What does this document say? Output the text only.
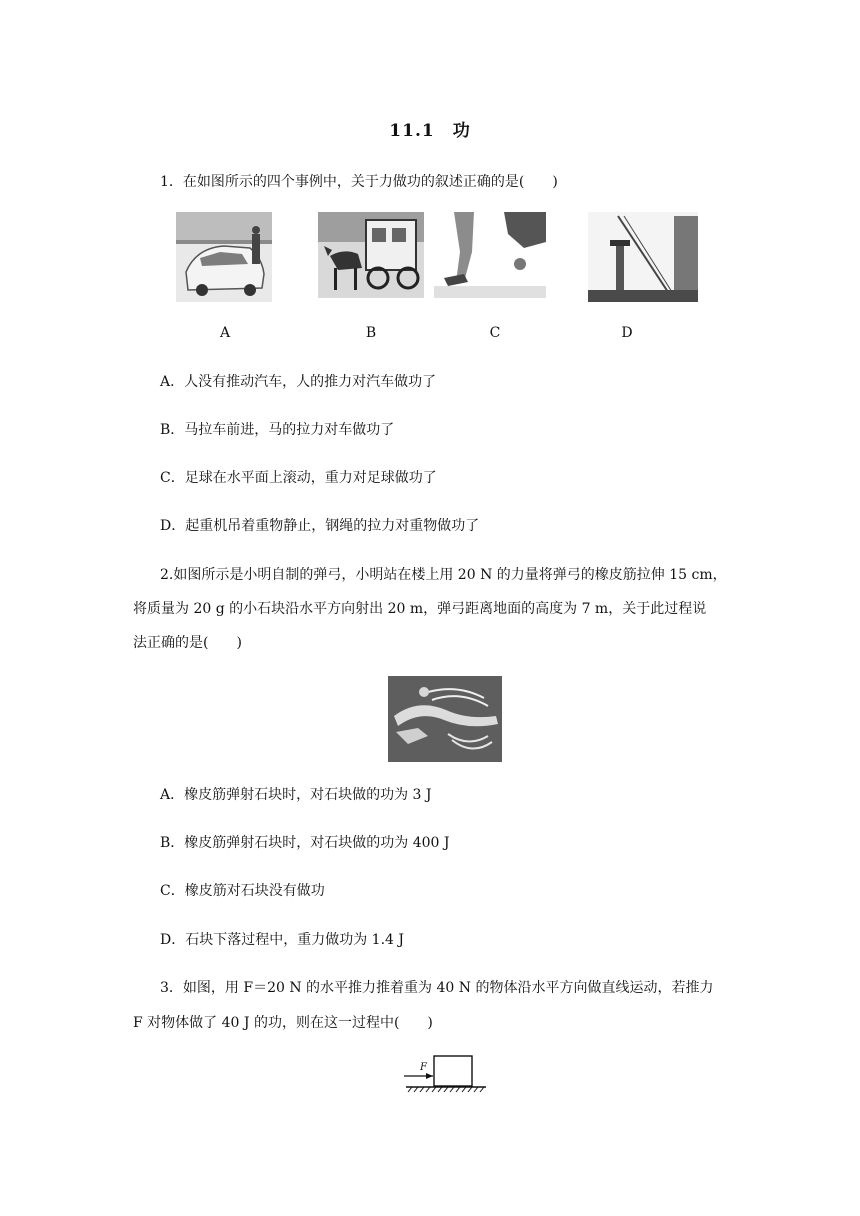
11.1　功
1．在如图所示的四个事例中，关于力做功的叙述正确的是(　　)
A	B	C	D
A．人没有推动汽车，人的推力对汽车做功了
B．马拉车前进，马的拉力对车做功了
C．足球在水平面上滚动，重力对足球做功了
D．起重机吊着重物静止，钢绳的拉力对重物做功了
2.如图所示是小明自制的弹弓，小明站在楼上用 20 N 的力量将弹弓的橡皮筋拉伸 15 cm，
将质量为 20 g 的小石块沿水平方向射出 20 m，弹弓距离地面的高度为 7 m，关于此过程说
法正确的是(　　)
A．橡皮筋弹射石块时，对石块做的功为 3 J
B．橡皮筋弹射石块时，对石块做的功为 400 J
C．橡皮筋对石块没有做功
D．石块下落过程中，重力做功为 1.4 J
3．如图，用 F＝20 N 的水平推力推着重为 40 N 的物体沿水平方向做直线运动，若推力
F 对物体做了 40 J 的功，则在这一过程中(　　)
F
